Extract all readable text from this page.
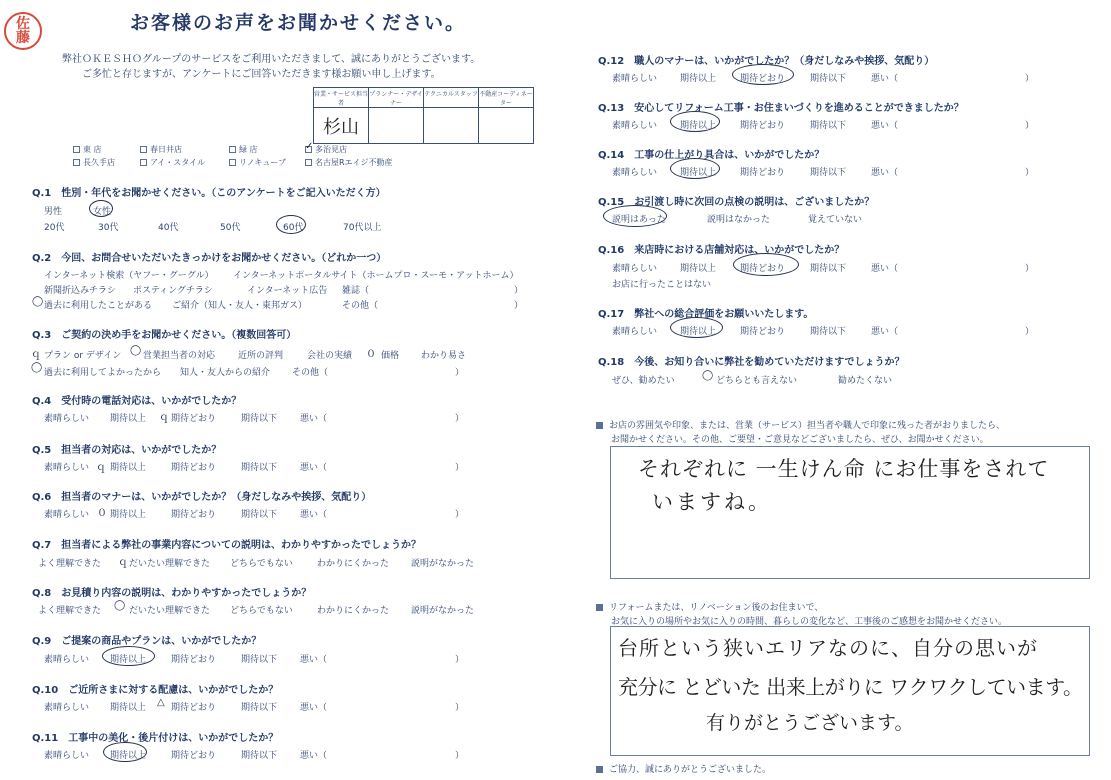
佐藤
お客様のお声をお聞かせください。
弊社ＯＫＥＳＨＯグループのサービスをご利用いただきまして、誠にありがとうございます。
ご多忙と存じますが、アンケートにご回答いただきます様お願い申し上げます。
営業・サービス担当者	プランナー・デザイナー	テクニカルスタッフ	不動産コーディネーター
杉山			
東 店	春日井店	緑 店	✓ 多治見店
長久手店	アイ・スタイル	リノキューブ	名古屋Rエイジ不動産
Q.1　性別・年代をお聞かせください。（このアンケートをご記入いただく方）
男性	女性
20代	30代	40代	50代	60代	70代以上
Q.2　今回、お問合せいただいたきっかけをお聞かせください。（どれか一つ）
インターネット検索（ヤフー・グーグル） インターネットポータルサイト（ホームプロ・スーモ・アットホーム）
新聞折込みチラシ ポスティングチラシ	インターネット広告 雑誌（	）
◯ 過去に利用したことがある ご紹介（知人・友人・東邦ガス）	その他（	）
Q.3　ご契約の決め手をお聞かせください。（複数回答可）
ｑ プラン or デザイン ◯ 営業担当者の対応	近所の評判	会社の実績 ０ 価格 わかり易さ
◯ 過去に利用してよかったから 知人・友人からの紹介 その他（	）
Q.4　受付時の電話対応は、いかがでしたか？
素晴らしい 期待以上 ｑ 期待どおり	期待以下	悪い（	）
Q.5　担当者の対応は、いかがでしたか？
素晴らしい ｑ 期待以上	期待どおり	期待以下	悪い（	）
Q.6　担当者のマナーは、いかがでしたか？（身だしなみや挨拶、気配り）
素晴らしい ０ 期待以上	期待どおり	期待以下	悪い（	）
Q.7　担当者による弊社の事業内容についての説明は、わかりやすかったでしょうか？
よく理解できた ｑ だいたい理解できた どちらでもない	わかりにくかった 説明がなかった
Q.8　お見積り内容の説明は、わかりやすかったでしょうか？
よく理解できた ◯ だいたい理解できた どちらでもない	わかりにくかった 説明がなかった
Q.9　ご提案の商品やプランは、いかがでしたか？
素晴らしい 期待以上	期待どおり	期待以下	悪い（	）
Q.10　ご近所さまに対する配慮は、いかがでしたか？
素晴らしい 期待以上 △ 期待どおり	期待以下	悪い（	）
Q.11　工事中の美化・後片付けは、いかがでしたか？
素晴らしい 期待以上	期待どおり	期待以下	悪い（	）
Q.12　職人のマナーは、いかがでしたか？（身だしなみや挨拶、気配り）
素晴らしい	期待以上	期待どおり	期待以下	悪い（	）
Q.13　安心してリフォーム工事・お住まいづくりを進めることができましたか？
素晴らしい	期待以上	期待どおり	期待以下	悪い（	）
Q.14　工事の仕上がり具合は、いかがでしたか？
素晴らしい	期待以上	期待どおり	期待以下	悪い（	）
Q.15　お引渡し時に次回の点検の説明は、ございましたか？
説明はあった	説明はなかった	覚えていない
Q.16　来店時における店舗対応は、いかがでしたか？
素晴らしい	期待以上	期待どおり	期待以下	悪い（	）
お店に行ったことはない
Q.17　弊社への総合評価をお願いいたします。
素晴らしい	期待以上	期待どおり	期待以下	悪い（	）
Q.18　今後、お知り合いに弊社を勧めていただけますでしょうか？
ぜひ、勧めたい	◯ どちらとも言えない	勧めたくない
お店の雰囲気や印象、または、営業（サービス）担当者や職人で印象に残った者がおりましたら、
お聞かせください。その他、ご要望・ご意見などございましたら、ぜひ、お聞かせください。
それぞれに 一生けん命 にお仕事をされて
いますね。
リフォームまたは、リノベーション後のお住まいで、
お気に入りの場所やお気に入りの時間、暮らしの変化など、工事後のご感想をお聞かせください。
台所という狭いエリアなのに、自分の思いが
充分に とどいた 出来上がりに ワクワクしています。
有りがとうございます。
ご協力、誠にありがとうございました。
